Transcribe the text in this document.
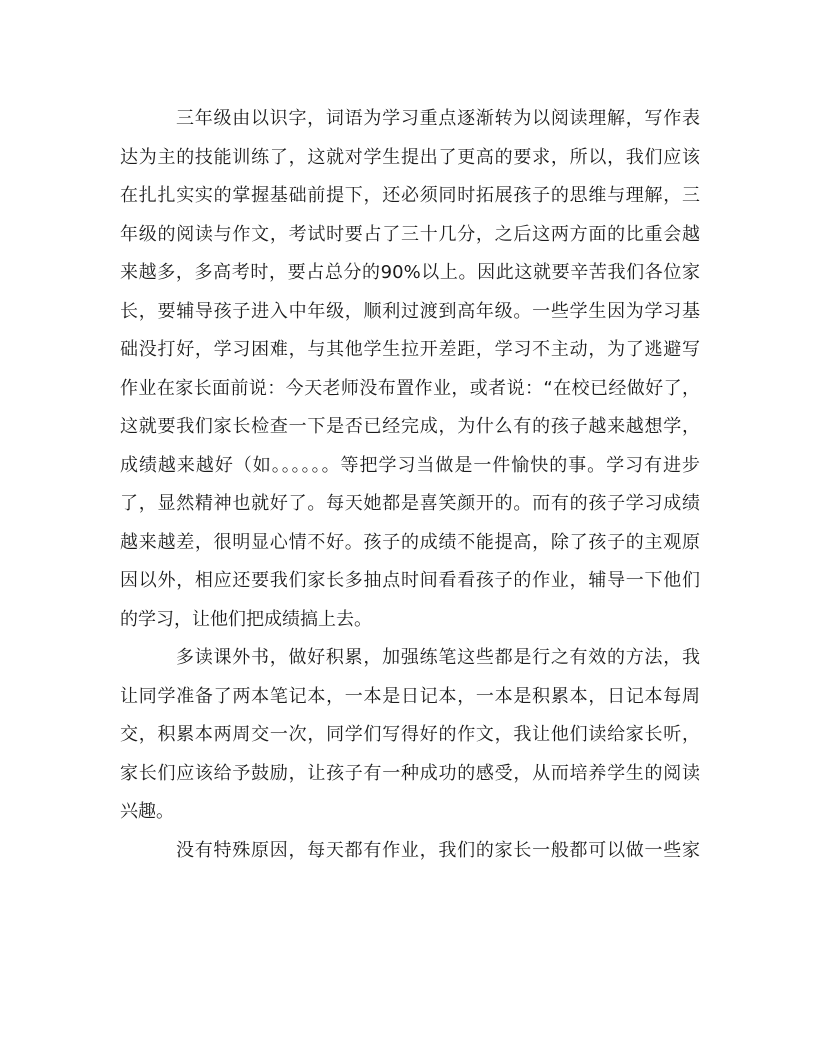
三年级由以识字，词语为学习重点逐渐转为以阅读理解，写作表
达为主的技能训练了，这就对学生提出了更高的要求，所以，我们应该
在扎扎实实的掌握基础前提下，还必须同时拓展孩子的思维与理解，三
年级的阅读与作文，考试时要占了三十几分，之后这两方面的比重会越
来越多，多高考时，要占总分的90%以上。因此这就要辛苦我们各位家
长，要辅导孩子进入中年级，顺利过渡到高年级。一些学生因为学习基
础没打好，学习困难，与其他学生拉开差距，学习不主动，为了逃避写
作业在家长面前说：今天老师没布置作业，或者说：“在校已经做好了，
这就要我们家长检查一下是否已经完成，为什么有的孩子越来越想学，
成绩越来越好（如。。。。。。等把学习当做是一件愉快的事。学习有进步
了，显然精神也就好了。每天她都是喜笑颜开的。而有的孩子学习成绩
越来越差，很明显心情不好。孩子的成绩不能提高，除了孩子的主观原
因以外，相应还要我们家长多抽点时间看看孩子的作业，辅导一下他们
的学习，让他们把成绩搞上去。
多读课外书，做好积累，加强练笔这些都是行之有效的方法，我
让同学准备了两本笔记本，一本是日记本，一本是积累本，日记本每周
交，积累本两周交一次，同学们写得好的作文，我让他们读给家长听，
家长们应该给予鼓励，让孩子有一种成功的感受，从而培养学生的阅读
兴趣。
没有特殊原因，每天都有作业，我们的家长一般都可以做一些家
